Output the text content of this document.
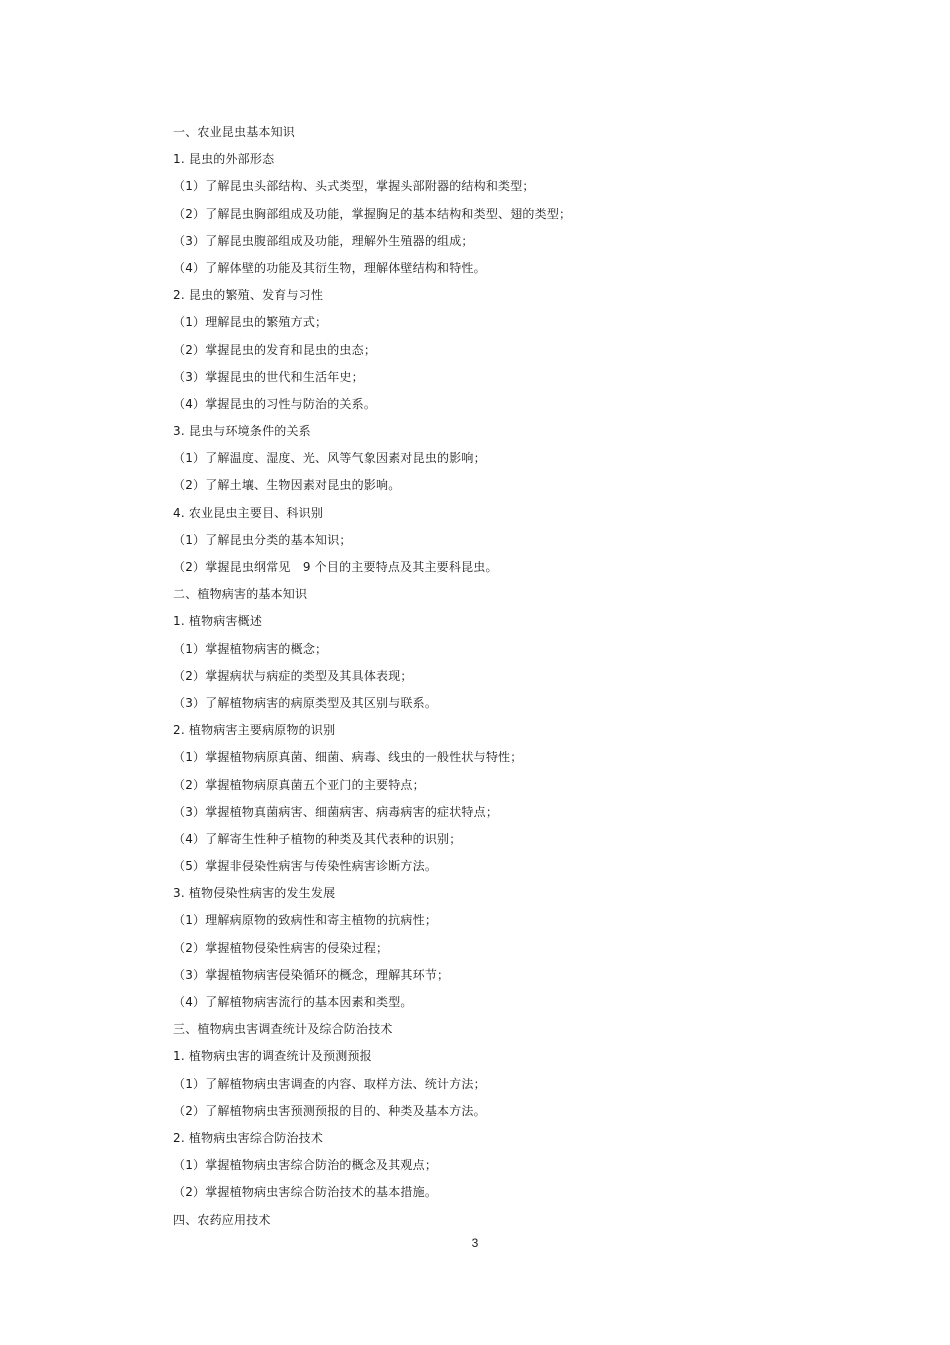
一、农业昆虫基本知识
1. 昆虫的外部形态
（1）了解昆虫头部结构、头式类型，掌握头部附器的结构和类型；
（2）了解昆虫胸部组成及功能，掌握胸足的基本结构和类型、翅的类型；
（3）了解昆虫腹部组成及功能，理解外生殖器的组成；
（4）了解体壁的功能及其衍生物，理解体壁结构和特性。
2. 昆虫的繁殖、发育与习性
（1）理解昆虫的繁殖方式；
（2）掌握昆虫的发育和昆虫的虫态；
（3）掌握昆虫的世代和生活年史；
（4）掌握昆虫的习性与防治的关系。
3. 昆虫与环境条件的关系
（1）了解温度、湿度、光、风等气象因素对昆虫的影响；
（2）了解土壤、生物因素对昆虫的影响。
4. 农业昆虫主要目、科识别
（1）了解昆虫分类的基本知识；
（2）掌握昆虫纲常见　9 个目的主要特点及其主要科昆虫。
二、植物病害的基本知识
1. 植物病害概述
（1）掌握植物病害的概念；
（2）掌握病状与病症的类型及其具体表现；
（3）了解植物病害的病原类型及其区别与联系。
2. 植物病害主要病原物的识别
（1）掌握植物病原真菌、细菌、病毒、线虫的一般性状与特性；
（2）掌握植物病原真菌五个亚门的主要特点；
（3）掌握植物真菌病害、细菌病害、病毒病害的症状特点；
（4）了解寄生性种子植物的种类及其代表种的识别；
（5）掌握非侵染性病害与传染性病害诊断方法。
3. 植物侵染性病害的发生发展
（1）理解病原物的致病性和寄主植物的抗病性；
（2）掌握植物侵染性病害的侵染过程；
（3）掌握植物病害侵染循环的概念，理解其环节；
（4）了解植物病害流行的基本因素和类型。
三、植物病虫害调查统计及综合防治技术
1. 植物病虫害的调查统计及预测预报
（1）了解植物病虫害调查的内容、取样方法、统计方法；
（2）了解植物病虫害预测预报的目的、种类及基本方法。
2. 植物病虫害综合防治技术
（1）掌握植物病虫害综合防治的概念及其观点；
（2）掌握植物病虫害综合防治技术的基本措施。
四、农药应用技术
3
